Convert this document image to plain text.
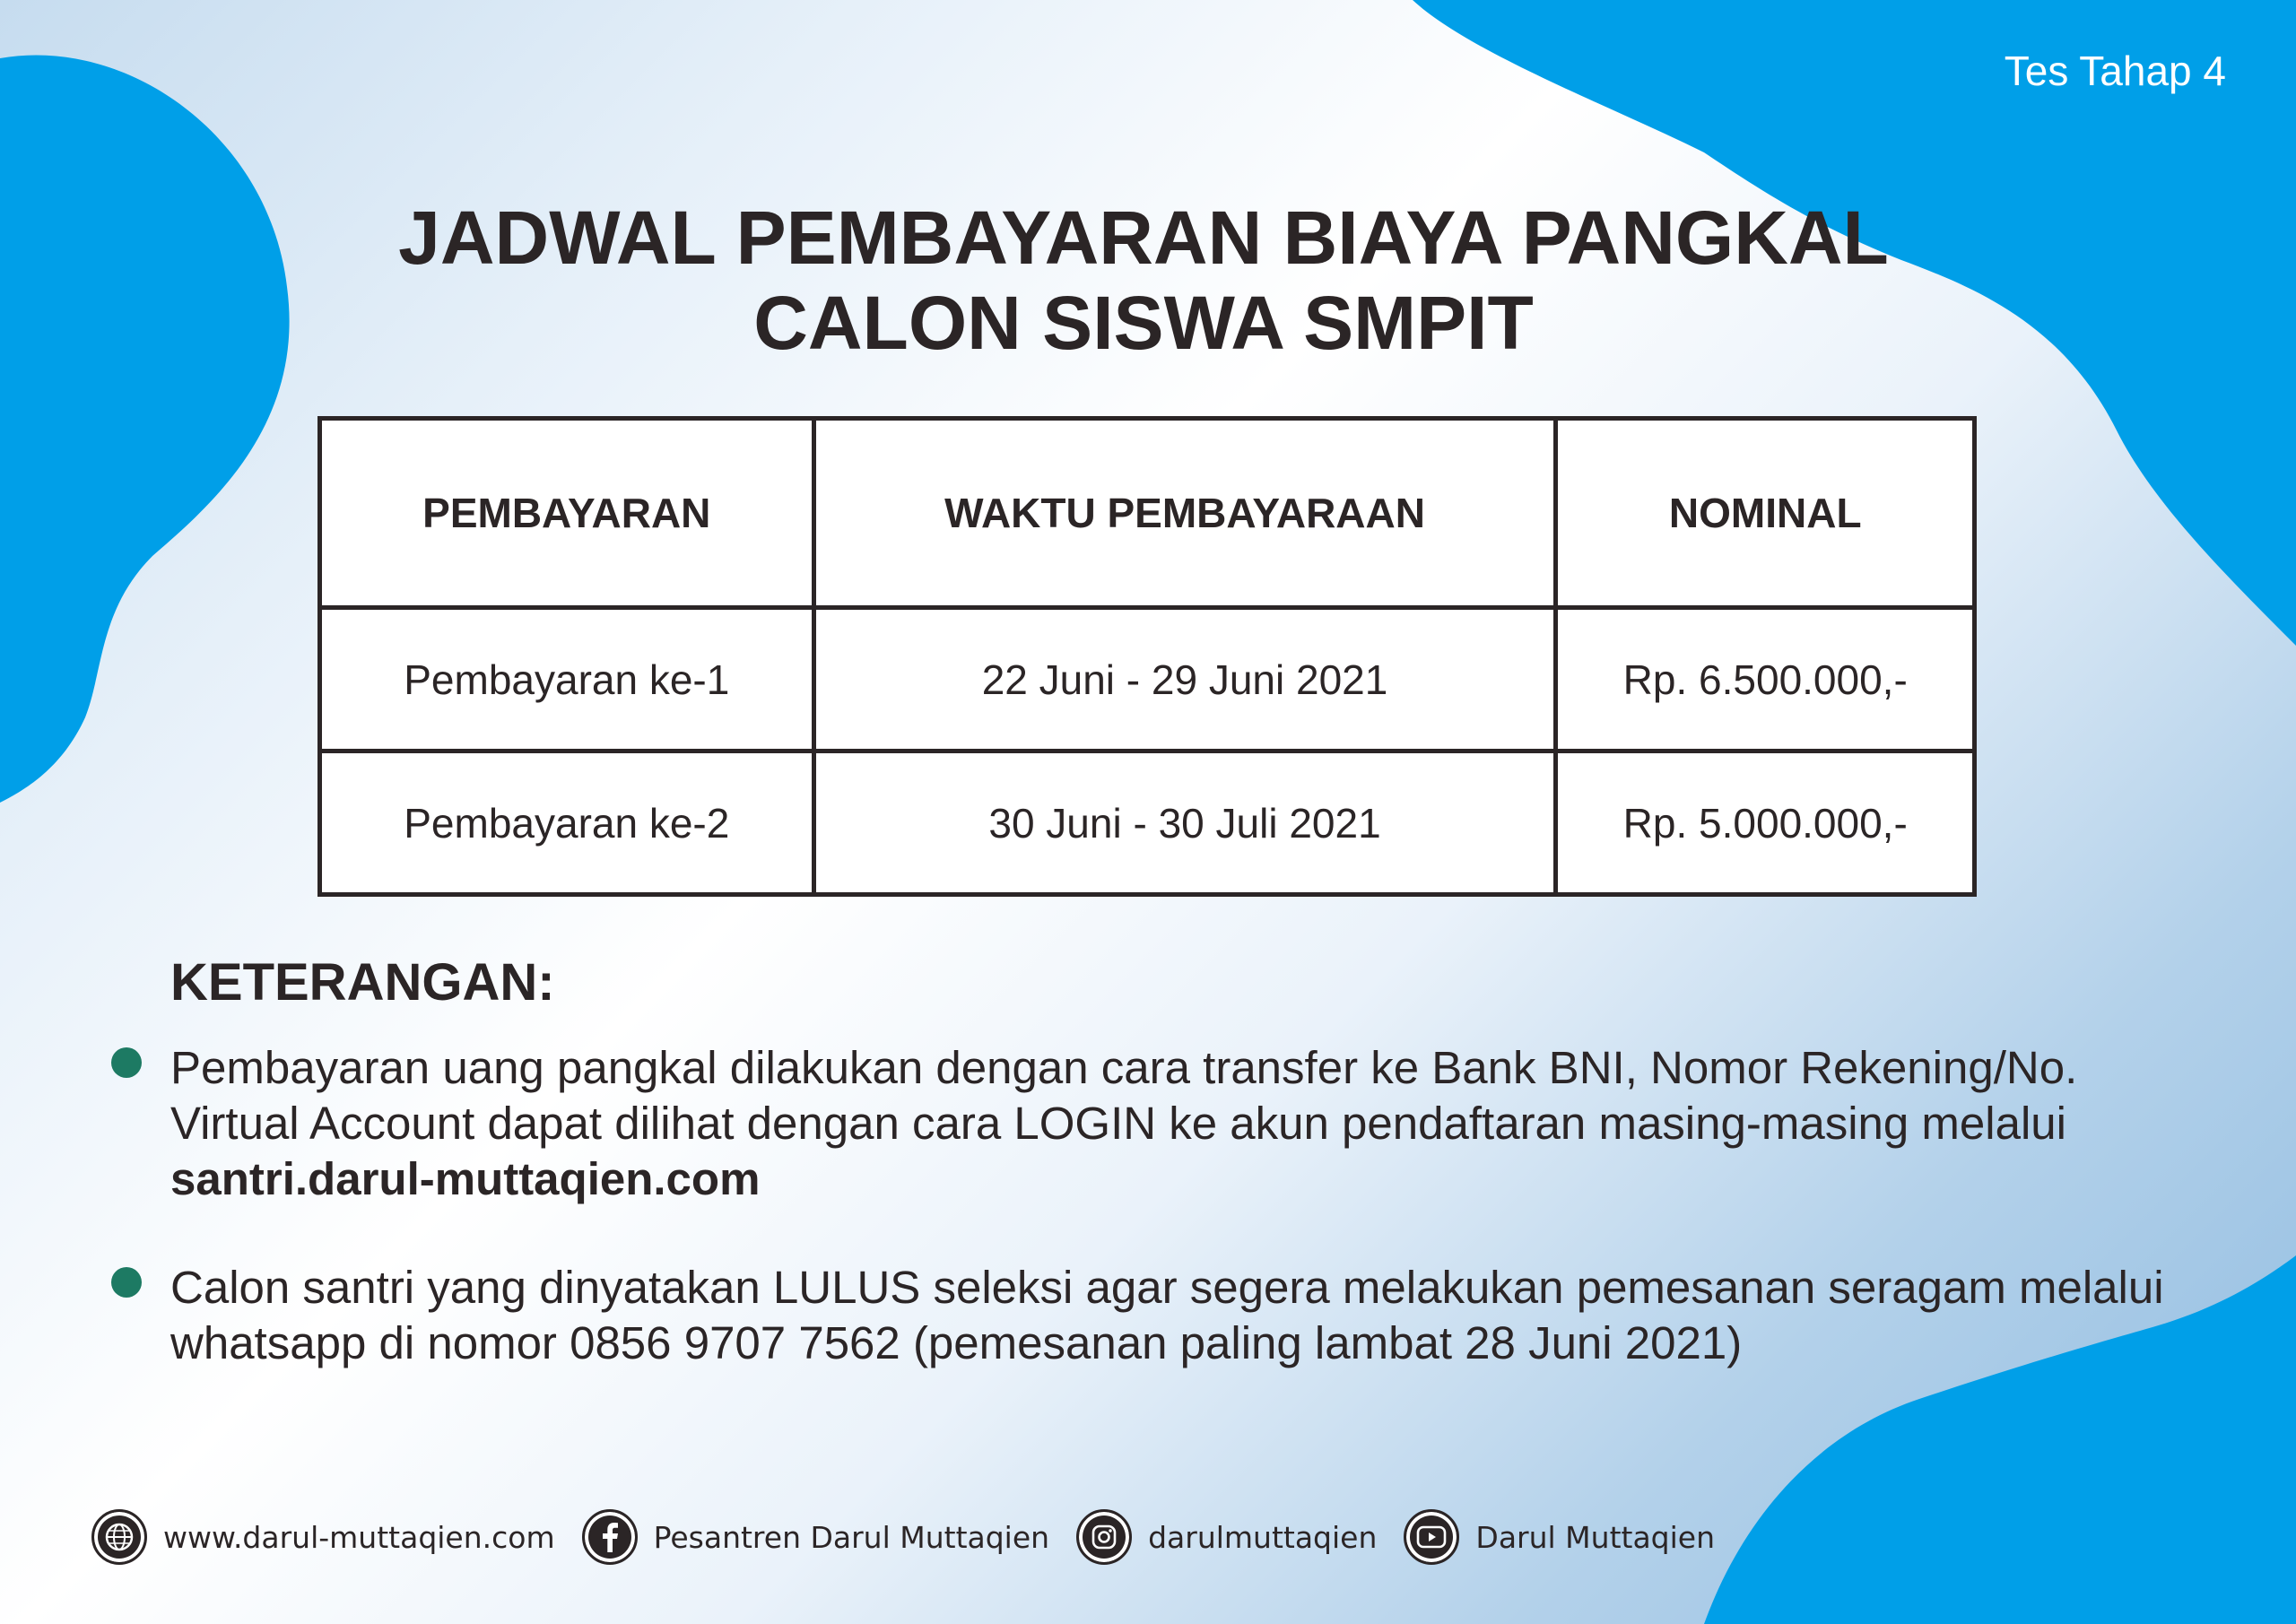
Tes Tahap 4
JADWAL PEMBAYARAN BIAYA PANGKAL
CALON SISWA SMPIT
PEMBAYARAN	WAKTU PEMBAYARAAN	NOMINAL
Pembayaran ke-1	22 Juni - 29 Juni 2021	Rp. 6.500.000,-
Pembayaran ke-2	30 Juni - 30 Juli 2021	Rp. 5.000.000,-
KETERANGAN:
Pembayaran uang pangkal dilakukan dengan cara transfer ke Bank BNI, Nomor Rekening/No. Virtual Account dapat dilihat dengan cara LOGIN ke akun pendaftaran masing-masing melalui santri.darul-muttaqien.com
Calon santri yang dinyatakan LULUS seleksi agar segera melakukan pemesanan seragam melalui whatsapp di nomor 0856 9707 7562 (pemesanan paling lambat 28 Juni 2021)
www.darul-muttaqien.com	Pesantren Darul Muttaqien	darulmuttaqien	Darul Muttaqien
